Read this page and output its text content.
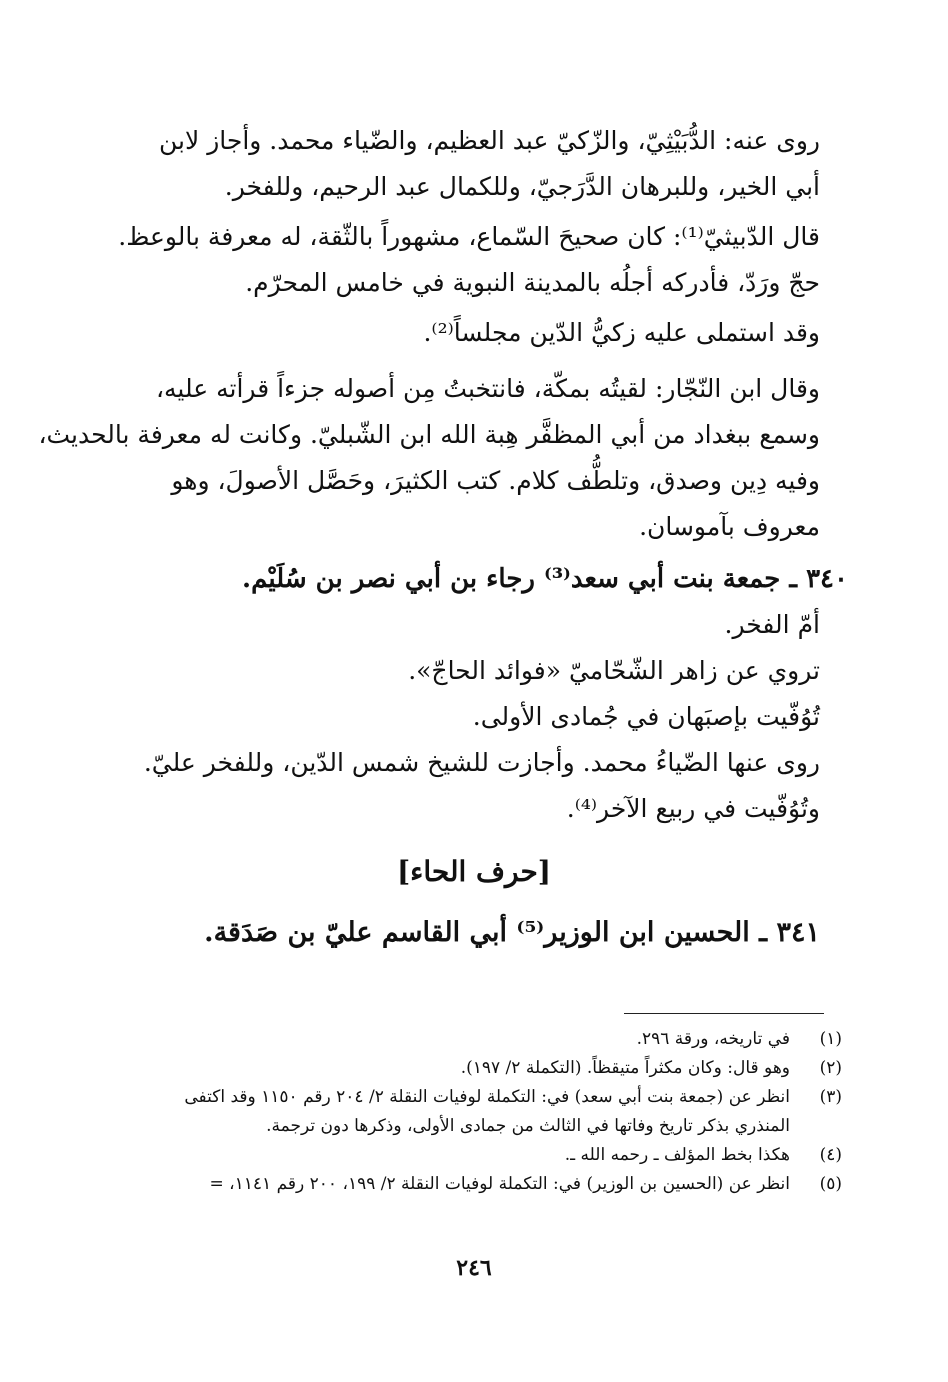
روى عنه: الدُّبَيْثِيّ، والزّكيّ عبد العظيم، والضّياء محمد. وأجاز لابن
أبي الخير، وللبرهان الدَّرَجيّ، وللكمال عبد الرحيم، وللفخر.
قال الدّبيثيّ⁽¹⁾: كان صحيحَ السّماع، مشهوراً بالثّقة، له معرفة بالوعظ.
حجّ ورَدّ، فأدركه أجلُه بالمدينة النبوية في خامس المحرّم.
وقد استملى عليه زكيُّ الدّين مجلساً⁽²⁾.
وقال ابن النّجّار: لقيتُه بمكّة، فانتخبتُ مِن أصوله جزءاً قرأته عليه،
وسمع ببغداد من أبي المظفَّر هِبة الله ابن الشّبليّ. وكانت له معرفة بالحديث،
وفيه دِين وصدق، وتلطُّف كلام. كتب الكثيرَ، وحَصَّل الأصولَ، وهو
معروف بآموسان.
٣٤٠ ـ جمعة بنت أبي سعد⁽³⁾ رجاء بن أبي نصر بن سُلَيْم.
أمّ الفخر.
تروي عن زاهر الشّحّاميّ «فوائد الحاجّ».
تُوُفّيت بإصبَهان في جُمادى الأولى.
روى عنها الضّياءُ محمد. وأجازت للشيخ شمس الدّين، وللفخر عليّ.
وتُوُفّيت في ربيع الآخر⁽⁴⁾.
[حرف الحاء]
٣٤١ ـ الحسين ابن الوزير⁽⁵⁾ أبي القاسم عليّ بن صَدَقة.
(١)
في تاريخه، ورقة ٢٩٦.
(٢)
وهو قال: وكان مكثراً متيقظاً. (التكملة ٢/ ١٩٧).
(٣)
انظر عن (جمعة بنت أبي سعد) في: التكملة لوفيات النقلة ٢/ ٢٠٤ رقم ١١٥٠ وقد اكتفى
المنذري بذكر تاريخ وفاتها في الثالث من جمادى الأولى، وذكرها دون ترجمة.
(٤)
هكذا بخط المؤلف ـ رحمه الله ـ.
(٥)
انظر عن (الحسين بن الوزير) في: التكملة لوفيات النقلة ٢/ ١٩٩، ٢٠٠ رقم ١١٤١، =
٢٤٦
